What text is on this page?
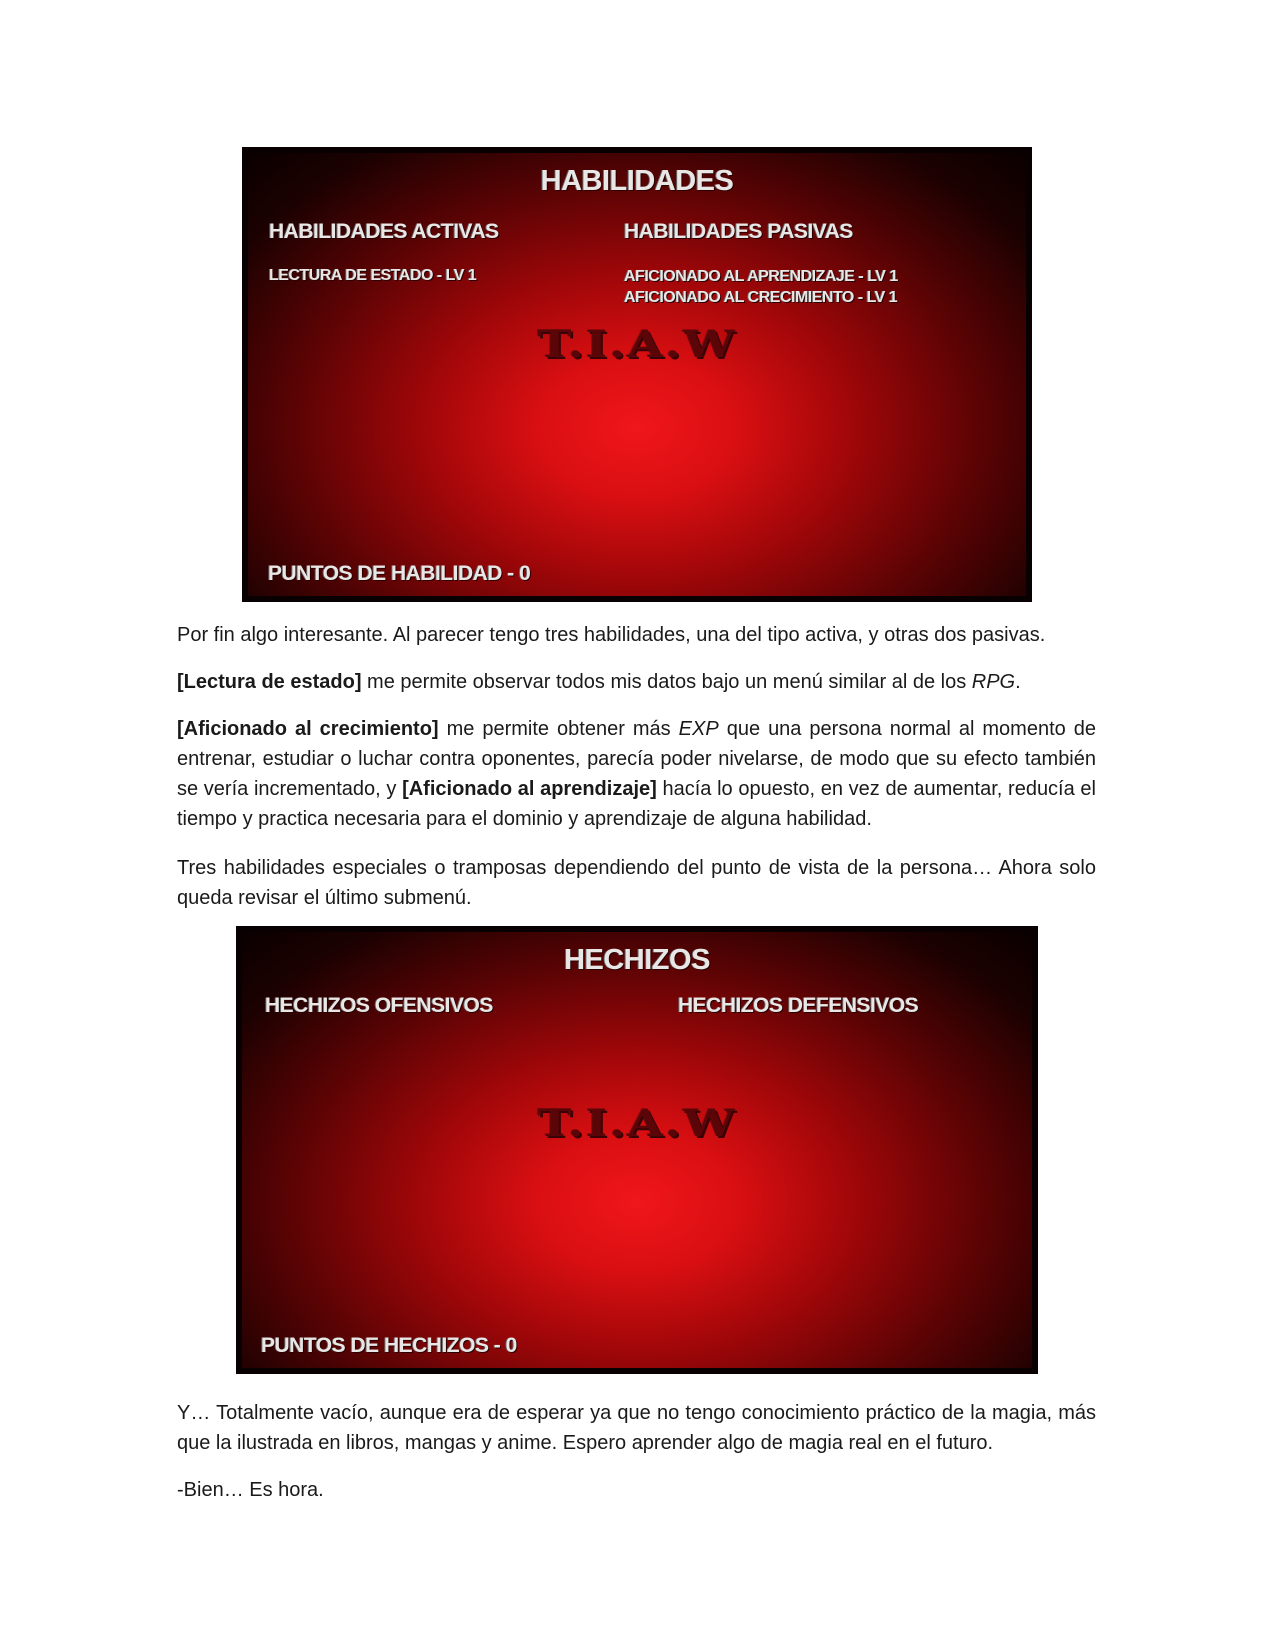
HABILIDADES
HABILIDADES ACTIVAS	HABILIDADES PASIVAS
LECTURA DE ESTADO - LV 1	AFICIONADO AL APRENDIZAJE - LV 1
AFICIONADO AL CRECIMIENTO - LV 1
T.I.A.W
PUNTOS DE HABILIDAD - 0
Por fin algo interesante. Al parecer tengo tres habilidades, una del tipo activa, y otras dos pasivas.
[Lectura de estado] me permite observar todos mis datos bajo un menú similar al de los RPG.
[Aficionado al crecimiento] me permite obtener más EXP que una persona normal al momento de entrenar, estudiar o luchar contra oponentes, parecía poder nivelarse, de modo que su efecto también se vería incrementado, y [Aficionado al aprendizaje] hacía lo opuesto, en vez de aumentar, reducía el tiempo y practica necesaria para el dominio y aprendizaje de alguna habilidad.
Tres habilidades especiales o tramposas dependiendo del punto de vista de la persona… Ahora solo queda revisar el último submenú.
HECHIZOS
HECHIZOS OFENSIVOS	HECHIZOS DEFENSIVOS
T.I.A.W
PUNTOS DE HECHIZOS - 0
Y… Totalmente vacío, aunque era de esperar ya que no tengo conocimiento práctico de la magia, más que la ilustrada en libros, mangas y anime. Espero aprender algo de magia real en el futuro.
-Bien… Es hora.
